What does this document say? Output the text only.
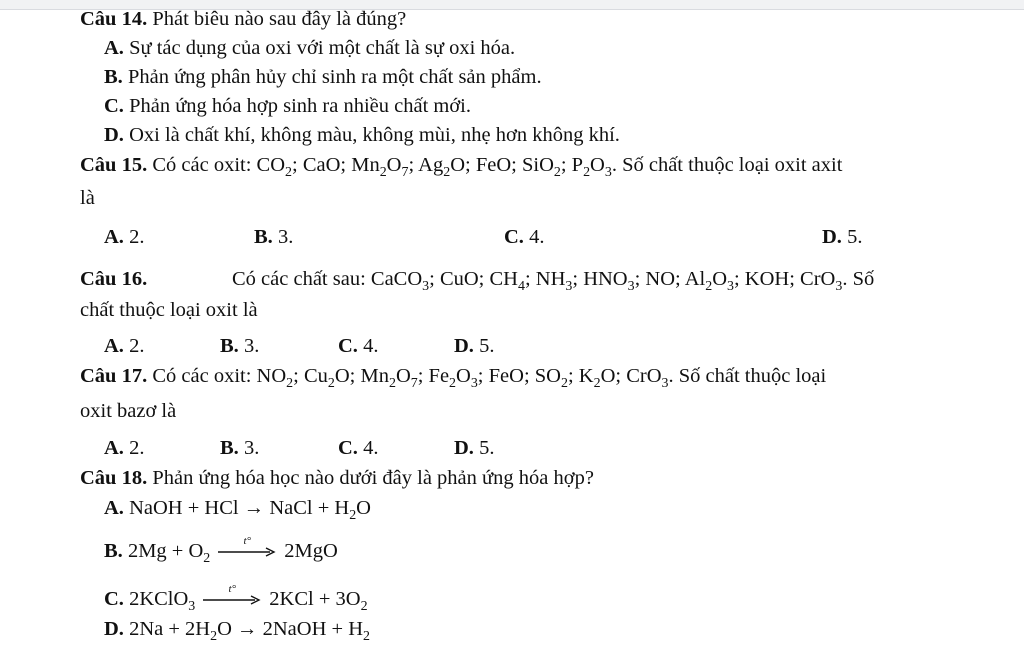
Câu 14. Phát biêu nào sau đây là đúng?
A. Sự tác dụng của oxi với một chất là sự oxi hóa.
B. Phản ứng phân hủy chỉ sinh ra một chất sản phẩm.
C. Phản ứng hóa hợp sinh ra nhiều chất mới.
D. Oxi là chất khí, không màu, không mùi, nhẹ hơn không khí.
Câu 15. Có các oxit: $CO_2$; CaO; $Mn_2O_7$; $Ag_2O$; FeO; SiO$_2$; $P_2O_3$. Số chất thuộc loại oxit axit
là
A. 2.	B. 3.	C. 4.	D. 5.
Câu 16.	Có các chất sau: CaCO$_3$; CuO; $CH_4$; $NH_3$; $HNO_3$; NO; $Al_2O_3$; KOH; CrO$_3$. Số
chất thuộc loại oxit là
A. 2.	B. 3.	C. 4.	D. 5.
Câu 17. Có các oxit: $NO_2$; $Cu_2O$; $Mn_2O_7$; $Fe_2O_3$; FeO; $SO_2$; $K_2O$; CrO$_3$. Số chất thuộc loại
oxit bazơ là
A. 2.	B. 3.	C. 4.	D. 5.
Câu 18. Phản ứng hóa học nào dưới đây là phản ứng hóa hợp?
A. NaOH + HCl → NaCl + $H_2O$
B. $2Mg + O_2$
t°	2MgO
C. 2KClO$_3$
t°	$2KCl + 3O_2$
D. $2Na + 2H_2O$ → 2NaOH + $H_2$
